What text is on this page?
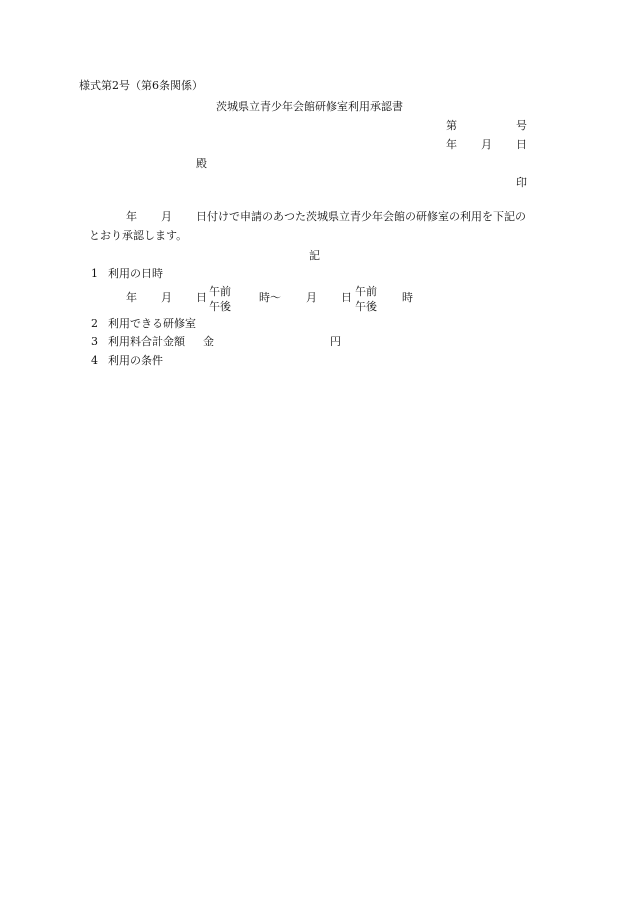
様式第2号（第6条関係）
茨城県立青少年会館研修室利用承認書
第	号
年 月 日
殿
印
年 月 日付けで申請のあつた茨城県立青少年会館の研修室の利用を下記の
とおり承認します。
記
1 利用の日時
年 月 日 午前
午後
時～ 月 日 午前
午後
時
2 利用できる研修室
3 利用料合計金額 金	円
4 利用の条件
